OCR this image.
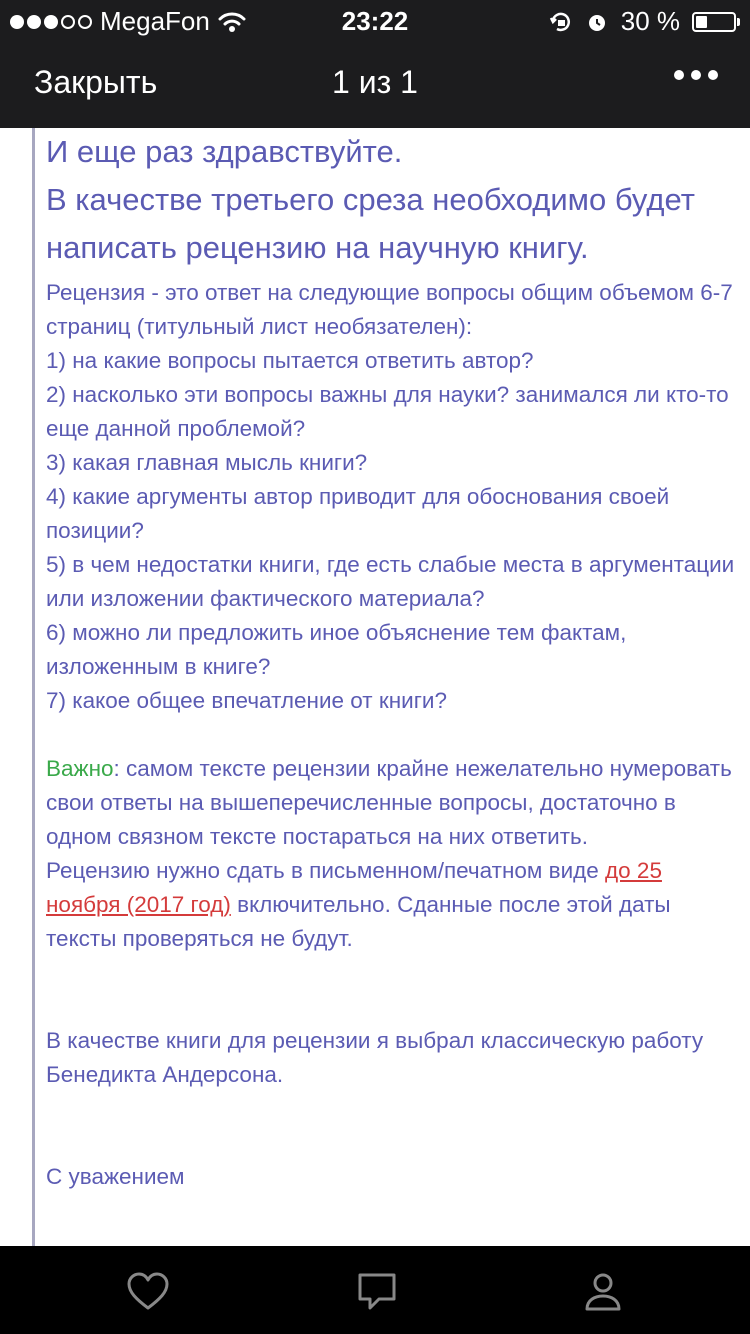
MegaFon	23:22	30 %
Закрыть	1 из 1

И еще раз здравствуйте.

В качестве третьего среза необходимо будет написать рецензию на научную книгу.

Рецензия - это ответ на следующие вопросы общим объемом 6-7 страниц (титульный лист необязателен):

1) на какие вопросы пытается ответить автор?

2) насколько эти вопросы важны для науки? занимался ли кто-то еще данной проблемой?

3) какая главная мысль книги?

4) какие аргументы автор приводит для обоснования своей позиции?

5) в чем недостатки книги, где есть слабые места в аргументации или изложении фактического материала?

6) можно ли предложить иное объяснение тем фактам, изложенным в книге?

7) какое общее впечатление от книги?

Важно: самом тексте рецензии крайне нежелательно нумеровать свои ответы на вышеперечисленные вопросы, достаточно в одном связном тексте постараться на них ответить.

Рецензию нужно сдать в письменном/печатном виде до 25 ноября (2017 год) включительно. Сданные после этой даты тексты проверяться не будут.

В качестве книги для рецензии я выбрал классическую работу Бенедикта Андерсона.

С уважением
